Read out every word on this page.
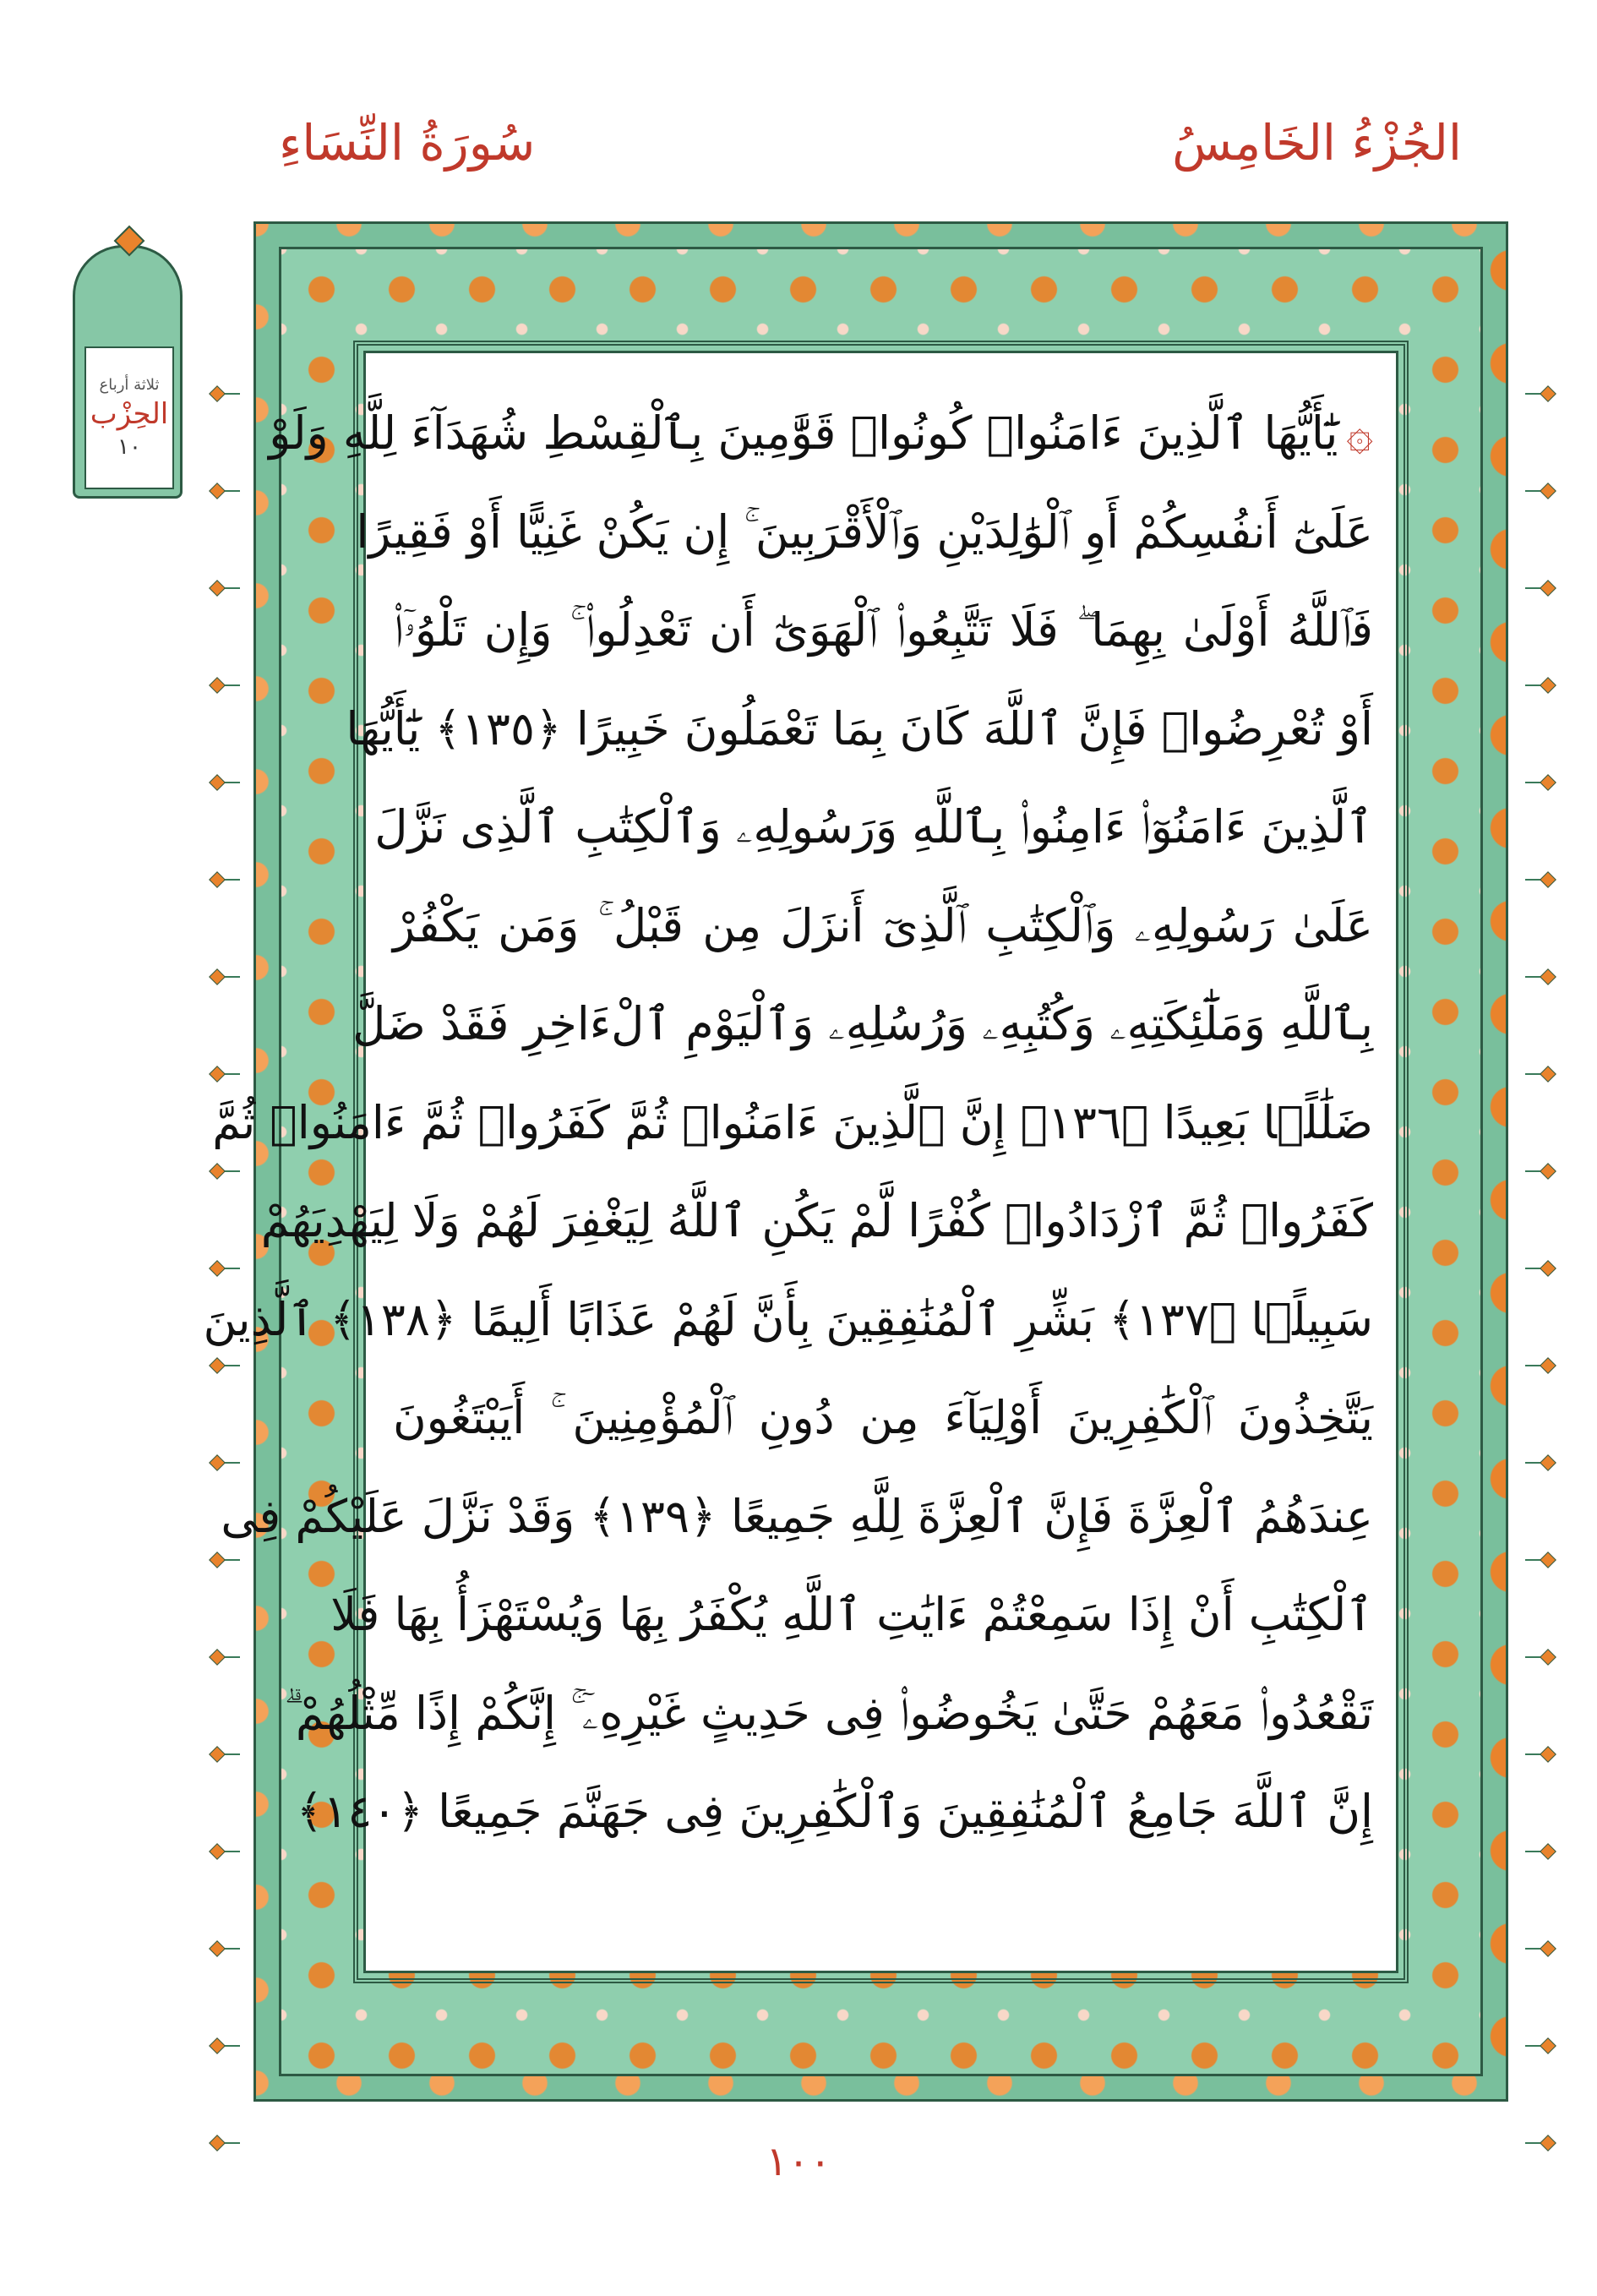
الجُزْءُ الخَامِسُ
سُورَةُ النِّسَاءِ
ثلاثة أرباع
الحِزْب
١٠	۞يَٰٓأَيُّهَا ٱلَّذِينَ ءَامَنُوا۟ كُونُوا۟ قَوَّٰمِينَ بِٱلْقِسْطِ شُهَدَآءَ لِلَّهِ وَلَوْ
عَلَىٰٓ أَنفُسِكُمْ أَوِ ٱلْوَٰلِدَيْنِ وَٱلْأَقْرَبِينَ ۚ إِن يَكُنْ غَنِيًّا أَوْ فَقِيرًا
فَٱللَّهُ أَوْلَىٰ بِهِمَا ۖ فَلَا تَتَّبِعُوا۟ ٱلْهَوَىٰٓ أَن تَعْدِلُوا۟ ۚ وَإِن تَلْوُۥٓا۟
أَوْ تُعْرِضُوا۟ فَإِنَّ ٱللَّهَ كَانَ بِمَا تَعْمَلُونَ خَبِيرًا ﴿١٣٥﴾ يَٰٓأَيُّهَا
ٱلَّذِينَ ءَامَنُوٓا۟ ءَامِنُوا۟ بِٱللَّهِ وَرَسُولِهِۦ وَٱلْكِتَٰبِ ٱلَّذِى نَزَّلَ
عَلَىٰ رَسُولِهِۦ وَٱلْكِتَٰبِ ٱلَّذِىٓ أَنزَلَ مِن قَبْلُ ۚ وَمَن يَكْفُرْ
بِٱللَّهِ وَمَلَٰٓئِكَتِهِۦ وَكُتُبِهِۦ وَرُسُلِهِۦ وَٱلْيَوْمِ ٱلْءَاخِرِ فَقَدْ ضَلَّ
ضَلَٰلًۢا بَعِيدًا ﴿١٣٦﴾ إِنَّ ٱلَّذِينَ ءَامَنُوا۟ ثُمَّ كَفَرُوا۟ ثُمَّ ءَامَنُوا۟ ثُمَّ
كَفَرُوا۟ ثُمَّ ٱزْدَادُوا۟ كُفْرًا لَّمْ يَكُنِ ٱللَّهُ لِيَغْفِرَ لَهُمْ وَلَا لِيَهْدِيَهُمْ
سَبِيلًۢا ﴿١٣٧﴾ بَشِّرِ ٱلْمُنَٰفِقِينَ بِأَنَّ لَهُمْ عَذَابًا أَلِيمًا ﴿١٣٨﴾ ٱلَّذِينَ
يَتَّخِذُونَ ٱلْكَٰفِرِينَ أَوْلِيَآءَ مِن دُونِ ٱلْمُؤْمِنِينَ ۚ أَيَبْتَغُونَ
عِندَهُمُ ٱلْعِزَّةَ فَإِنَّ ٱلْعِزَّةَ لِلَّهِ جَمِيعًا ﴿١٣٩﴾ وَقَدْ نَزَّلَ عَلَيْكُمْ فِى
ٱلْكِتَٰبِ أَنْ إِذَا سَمِعْتُمْ ءَايَٰتِ ٱللَّهِ يُكْفَرُ بِهَا وَيُسْتَهْزَأُ بِهَا فَلَا
تَقْعُدُوا۟ مَعَهُمْ حَتَّىٰ يَخُوضُوا۟ فِى حَدِيثٍ غَيْرِهِۦٓ ۚ إِنَّكُمْ إِذًا مِّثْلُهُمْ ۗ
إِنَّ ٱللَّهَ جَامِعُ ٱلْمُنَٰفِقِينَ وَٱلْكَٰفِرِينَ فِى جَهَنَّمَ جَمِيعًا ﴿١٤٠﴾
١٠٠
